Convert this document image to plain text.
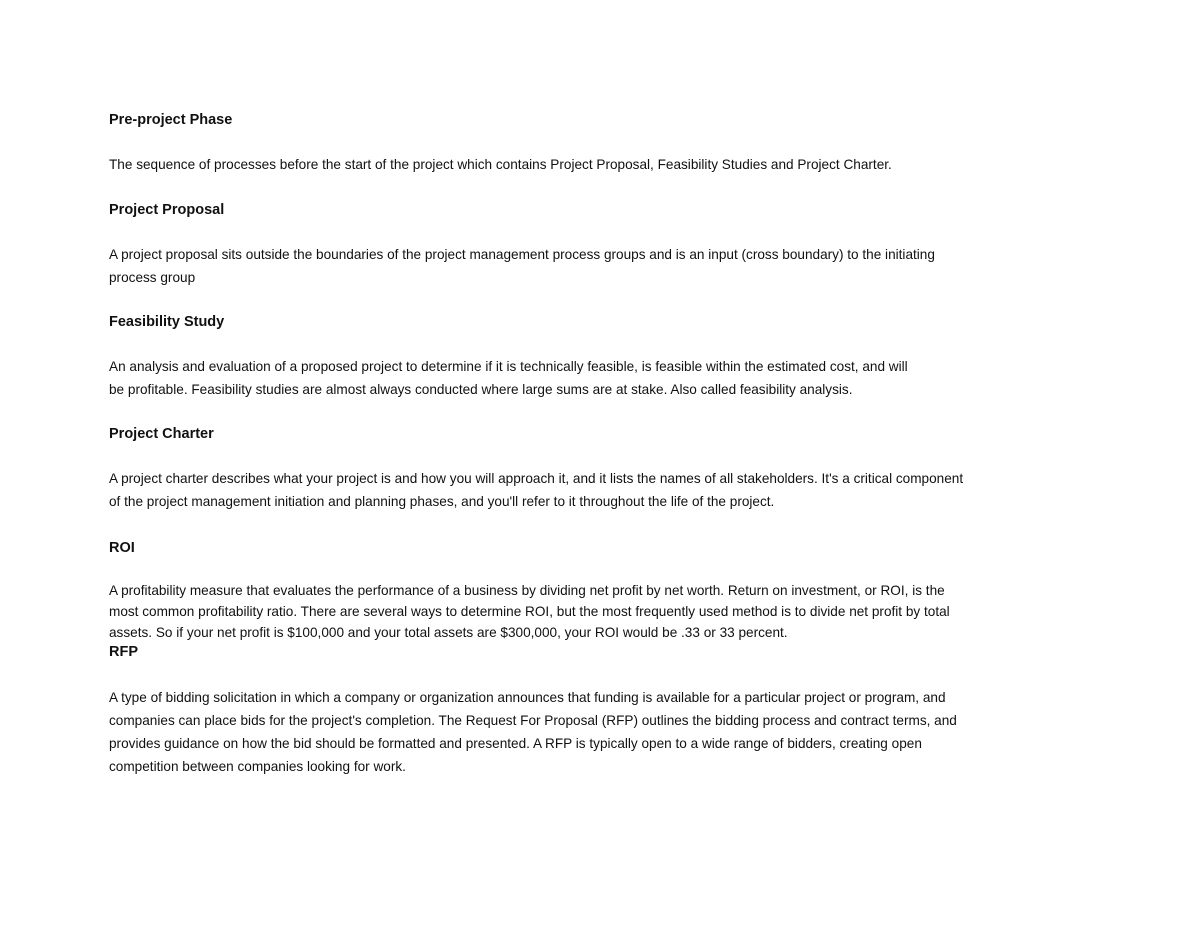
Pre-project Phase
The sequence of processes before the start of the project which contains Project Proposal, Feasibility Studies and Project Charter.
Project Proposal
A project proposal sits outside the boundaries of the project management process groups and is an input (cross boundary) to the initiating
process group
Feasibility Study
An analysis and evaluation of a proposed project to determine if it is technically feasible, is feasible within the estimated cost, and will
be profitable. Feasibility studies are almost always conducted where large sums are at stake. Also called feasibility analysis.
Project Charter
A project charter describes what your project is and how you will approach it, and it lists the names of all stakeholders. It's a critical component
of the project management initiation and planning phases, and you'll refer to it throughout the life of the project.
ROI
A profitability measure that evaluates the performance of a business by dividing net profit by net worth. Return on investment, or ROI, is the
most common profitability ratio. There are several ways to determine ROI, but the most frequently used method is to divide net profit by total
assets. So if your net profit is $100,000 and your total assets are $300,000, your ROI would be .33 or 33 percent.
RFP
A type of bidding solicitation in which a company or organization announces that funding is available for a particular project or program, and
companies can place bids for the project's completion. The Request For Proposal (RFP) outlines the bidding process and contract terms, and
provides guidance on how the bid should be formatted and presented. A RFP is typically open to a wide range of bidders, creating open
competition between companies looking for work.
